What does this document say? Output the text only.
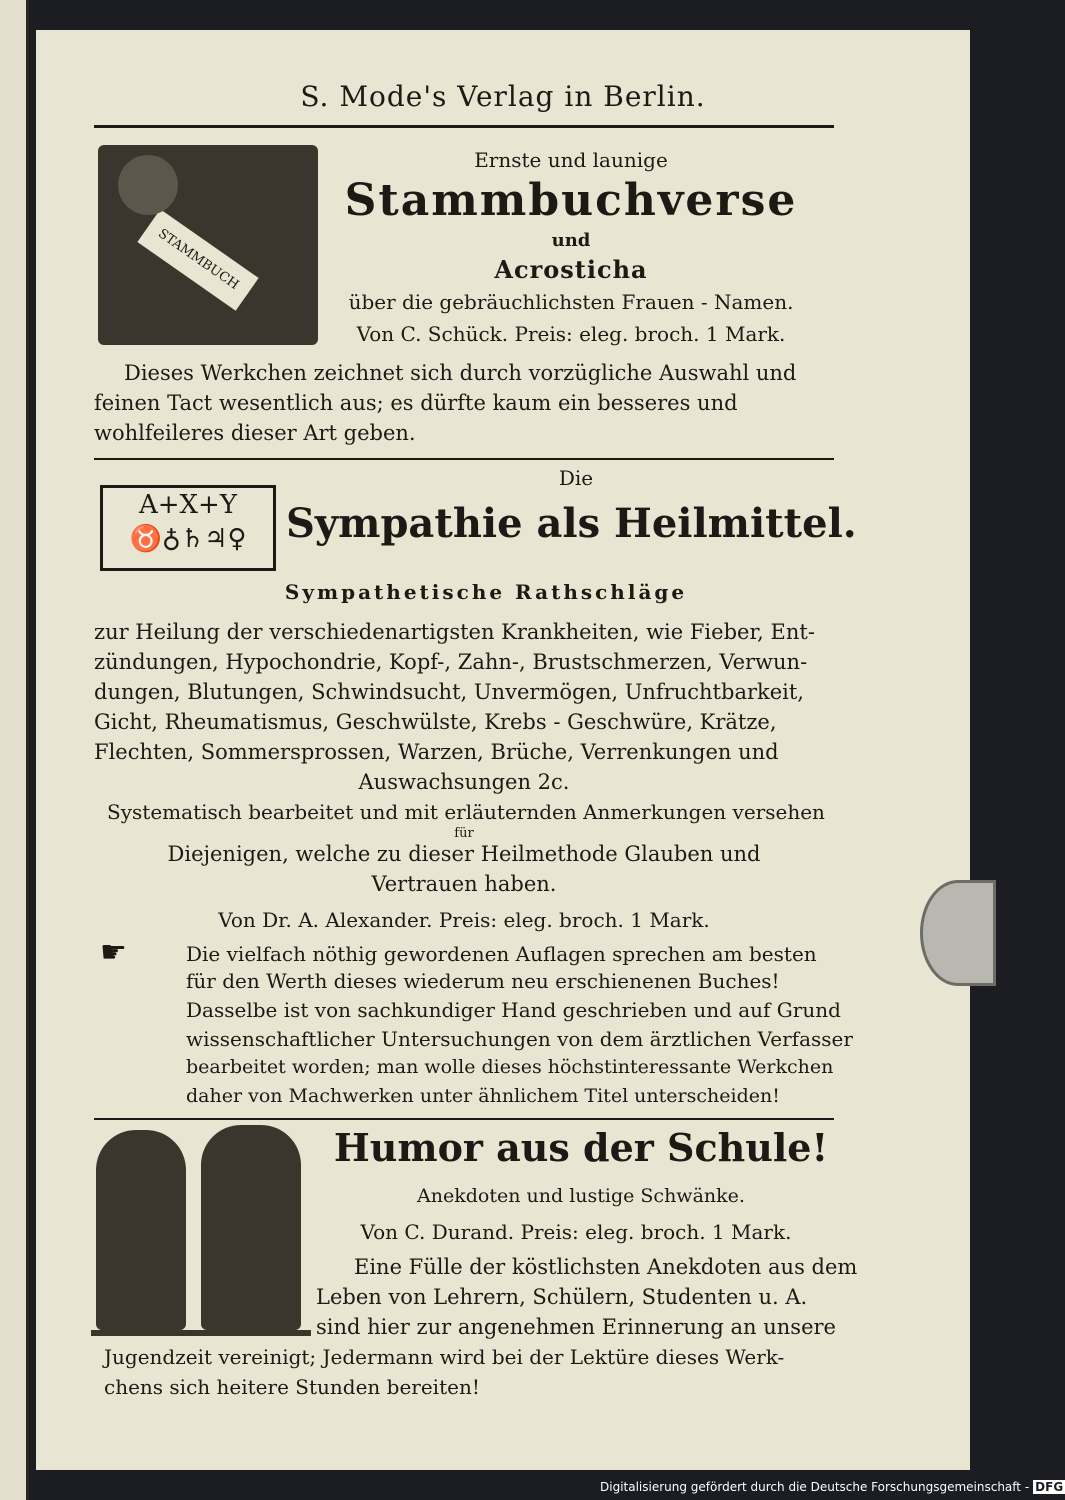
S. Mode's Verlag in Berlin.
STAMMBUCH
Ernste und launige
Stammbuchverse
und
Acrosticha
über die gebräuchlichsten Frauen - Namen.
Von C. Schück. Preis: eleg. broch. 1 Mark.
Dieses Werkchen zeichnet sich durch vorzügliche Auswahl und
feinen Tact wesentlich aus; es dürfte kaum ein besseres und
wohlfeileres dieser Art geben.
Die
A+X+Y
♉♁♄♃♀ Sympathie als Heilmittel.
Sympathetische Rathschläge
zur Heilung der verschiedenartigsten Krankheiten, wie Fieber, Ent-
zündungen, Hypochondrie, Kopf-, Zahn-, Brustschmerzen, Verwun-
dungen, Blutungen, Schwindsucht, Unvermögen, Unfruchtbarkeit,
Gicht, Rheumatismus, Geschwülste, Krebs - Geschwüre, Krätze,
Flechten, Sommersprossen, Warzen, Brüche, Verrenkungen und
Auswachsungen 2c.
Systematisch bearbeitet und mit erläuternden Anmerkungen versehen
für
Diejenigen, welche zu dieser Heilmethode Glauben und
Vertrauen haben.
Von Dr. A. Alexander. Preis: eleg. broch. 1 Mark.
☛	Die vielfach nöthig gewordenen Auflagen sprechen am besten
für den Werth dieses wiederum neu erschienenen Buches!
Dasselbe ist von sachkundiger Hand geschrieben und auf Grund
wissenschaftlicher Untersuchungen von dem ärztlichen Verfasser
bearbeitet worden; man wolle dieses höchstinteressante Werkchen
daher von Machwerken unter ähnlichem Titel unterscheiden!
Humor aus der Schule!
Anekdoten und lustige Schwänke.
Von C. Durand. Preis: eleg. broch. 1 Mark.
Eine Fülle der köstlichsten Anekdoten aus dem
Leben von Lehrern, Schülern, Studenten u. A.
sind hier zur angenehmen Erinnerung an unsere
Jugendzeit vereinigt; Jedermann wird bei der Lektüre dieses Werk-
chens sich heitere Stunden bereiten!
Digitalisierung gefördert durch die Deutsche Forschungsgemeinschaft - DFG
